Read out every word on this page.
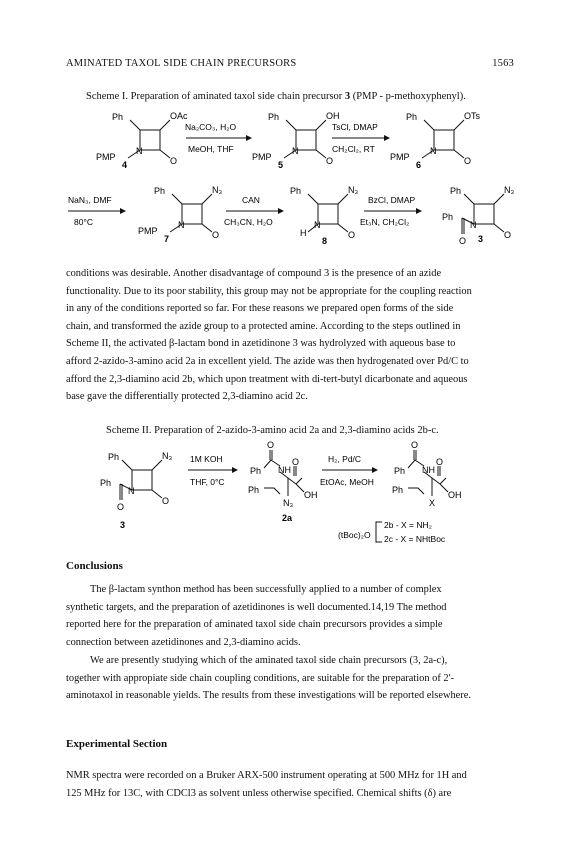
AMINATED TAXOL SIDE CHAIN PRECURSORS	1563
Scheme I. Preparation of aminated taxol side chain precursor 3 (PMP - p-methoxyphenyl).
Ph	OAc
N
PMP	O
4
Na₂CO₃, H₂O
MeOH, THF
Ph	OH
N
PMP	O
5
TsCl, DMAP
CH₂Cl₂, RT
Ph	OTs
N
PMP	O
6
NaN₃, DMF
80°C
Ph	N₃
N
PMP	O
7
CAN
CH₃CN, H₂O
Ph	N₃
N
H	O
8
BzCl, DMAP
Et₃N, CH₂Cl₂
Ph	N₃
N
Ph
O
O 3
conditions was desirable. Another disadvantage of compound 3 is the presence of an azide
functionality. Due to its poor stability, this group may not be appropriate for the coupling reaction
in any of the conditions reported so far. For these reasons we prepared open forms of the side
chain, and transformed the azide group to a protected amine. According to the steps outlined in
Scheme II, the activated β-lactam bond in azetidinone 3 was hydrolyzed with aqueous base to
afford 2-azido-3-amino acid 2a in excellent yield. The azide was then hydrogenated over Pd/C to
afford the 2,3-diamino acid 2b, which upon treatment with di-tert-butyl dicarbonate and aqueous
base gave the differentially protected 2,3-diamino acid 2c.
Scheme II. Preparation of 2-azido-3-amino acid 2a and 2,3-diamino acids 2b-c.
Ph	N₃
N
Ph
O
O
3
1M KOH
THF, 0°C
O
Ph NH
O
Ph	OH
N₃
2a
H₂, Pd/C
EtOAc, MeOH
O
Ph NH
O
Ph	OH
X
(tBoc)₂O
2b - X = NH₂
2c - X = NHtBoc
Conclusions
The β-lactam synthon method has been successfully applied to a number of complex
synthetic targets, and the preparation of azetidinones is well documented.14,19 The method
reported here for the preparation of aminated taxol side chain precursors provides a simple
connection between azetidinones and 2,3-diamino acids.
We are presently studying which of the aminated taxol side chain precursors (3, 2a-c),
together with appropiate side chain coupling conditions, are suitable for the preparation of 2'-
aminotaxol in reasonable yields. The results from these investigations will be reported elsewhere.
Experimental Section
NMR spectra were recorded on a Bruker ARX-500 instrument operating at 500 MHz for 1H and
125 MHz for 13C, with CDCl3 as solvent unless otherwise specified. Chemical shifts (δ) are
